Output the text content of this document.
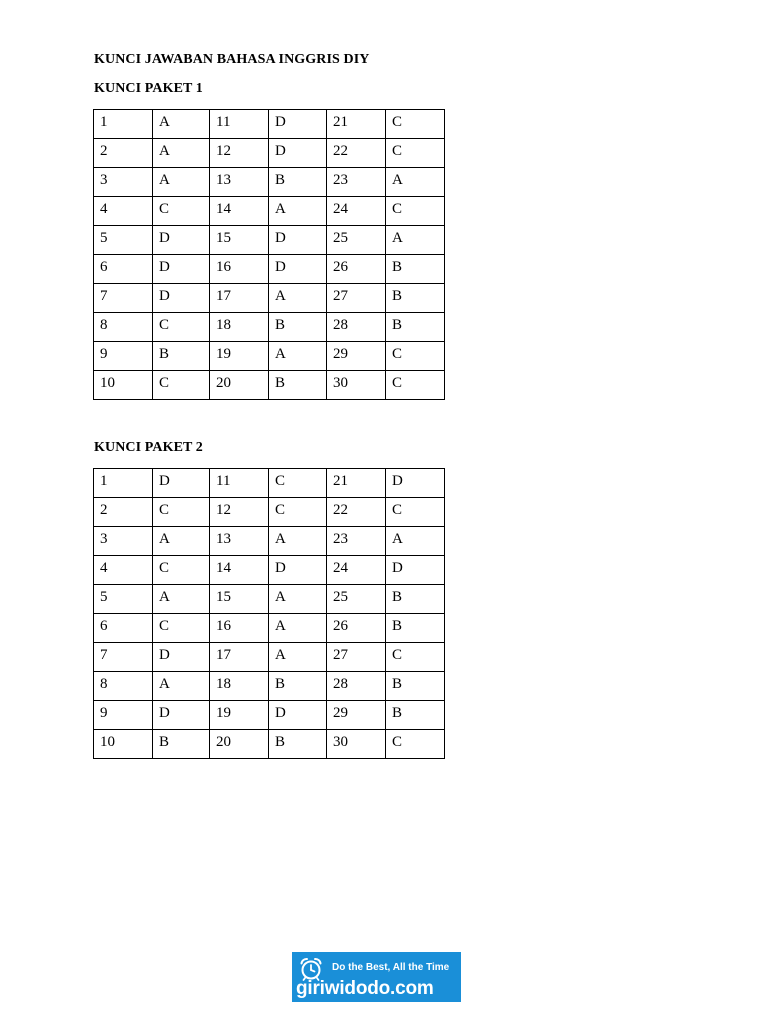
KUNCI JAWABAN BAHASA INGGRIS DIY
KUNCI PAKET 1
1	A	11	D	21	C
2	A	12	D	22	C
3	A	13	B	23	A
4	C	14	A	24	C
5	D	15	D	25	A
6	D	16	D	26	B
7	D	17	A	27	B
8	C	18	B	28	B
9	B	19	A	29	C
10	C	20	B	30	C
KUNCI PAKET 2
1	D	11	C	21	D
2	C	12	C	22	C
3	A	13	A	23	A
4	C	14	D	24	D
5	A	15	A	25	B
6	C	16	A	26	B
7	D	17	A	27	C
8	A	18	B	28	B
9	D	19	D	29	B
10	B	20	B	30	C
Do the Best, All the Time
giriwidodo.com
